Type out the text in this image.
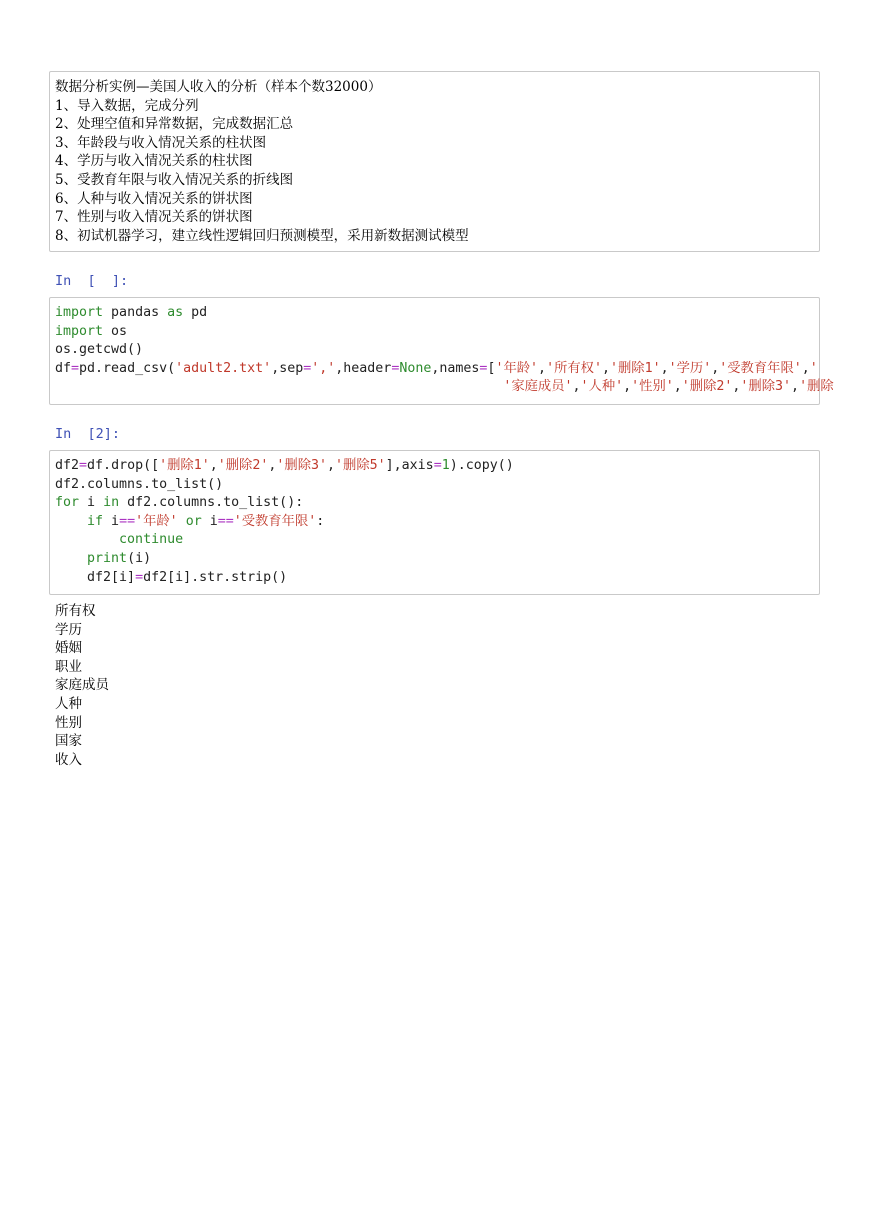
数据分析实例—美国人收入的分析（样本个数32000）
1、导入数据，完成分列
2、处理空值和异常数据，完成数据汇总
3、年龄段与收入情况关系的柱状图
4、学历与收入情况关系的柱状图
5、受教育年限与收入情况关系的折线图
6、人种与收入情况关系的饼状图
7、性别与收入情况关系的饼状图
8、初试机器学习，建立线性逻辑回归预测模型，采用新数据测试模型
In  [  ]:
import pandas as pd
import os
os.getcwd()
df=pd.read_csv('adult2.txt',sep=',',header=None,names=['年龄','所有权','删除1','学历','受教育年限','
'家庭成员','人种','性别','删除2','删除3','删除
In  [2]:
df2=df.drop(['删除1','删除2','删除3','删除5'],axis=1).copy()
df2.columns.to_list()
for i in df2.columns.to_list():
if i=='年龄' or i=='受教育年限':
continue
print(i)
df2[i]=df2[i].str.strip()
所有权
学历
婚姻
职业
家庭成员
人种
性别
国家
收入
